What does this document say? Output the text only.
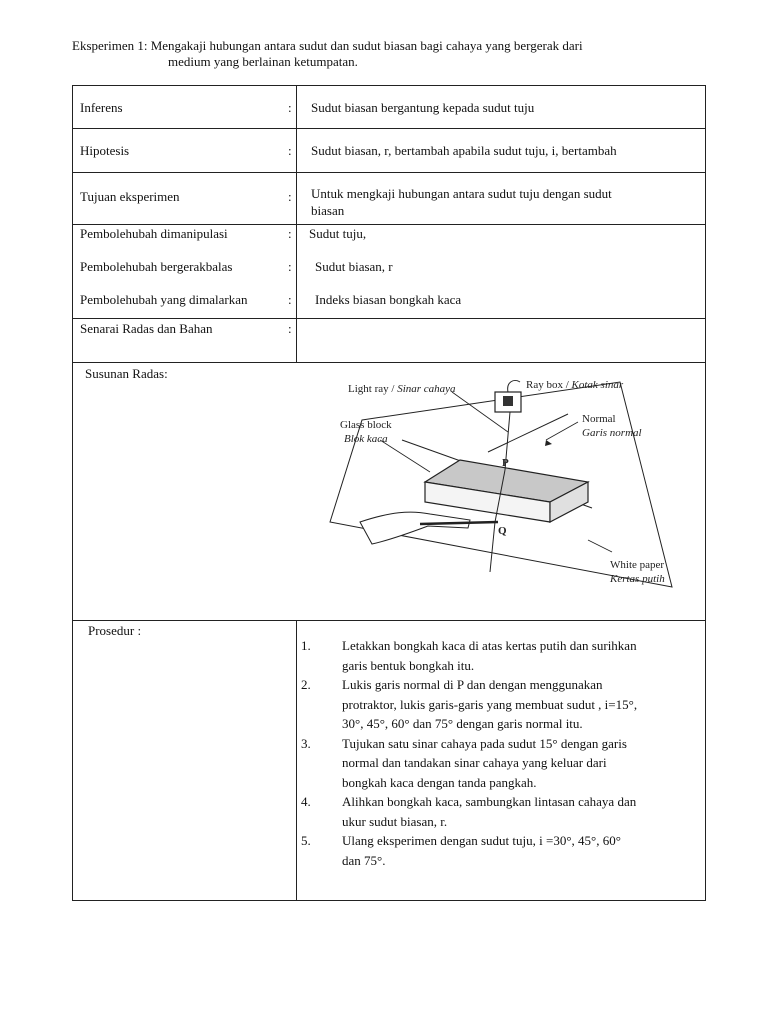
Eksperimen 1: Mengakaji hubungan antara sudut dan sudut biasan bagi cahaya yang bergerak dari
medium yang berlainan ketumpatan.
Inferens	: Sudut biasan bergantung kepada sudut tuju
Hipotesis	: Sudut biasan, r, bertambah apabila sudut tuju, i, bertambah
Tujuan eksperimen	: Untuk mengkaji hubungan antara sudut tuju dengan sudut
biasan
Pembolehubah dimanipulasi	: Sudut tuju,
Pembolehubah bergerakbalas	: Sudut biasan, r
Pembolehubah yang dimalarkan	: Indeks biasan bongkah kaca
Senarai Radas dan Bahan	:
Susunan Radas:
Light ray / Sinar cahaya	Ray box / Kotak sinar
Normal
Garis normal
Glass block
Blok kaca
White paper
Kertas putih
P
Q
Prosedur :
1. Letakkan bongkah kaca di atas kertas putih dan surihkan
garis bentuk bongkah itu.
2. Lukis garis normal di P dan dengan menggunakan
protraktor, lukis garis-garis yang membuat sudut , i=15°,
30°, 45°, 60° dan 75° dengan garis normal itu.
3. Tujukan satu sinar cahaya pada sudut 15° dengan garis
normal dan tandakan sinar cahaya yang keluar dari
bongkah kaca dengan tanda pangkah.
4. Alihkan bongkah kaca, sambungkan lintasan cahaya dan
ukur sudut biasan, r.
5. Ulang eksperimen dengan sudut tuju, i =30°, 45°, 60°
dan 75°.
